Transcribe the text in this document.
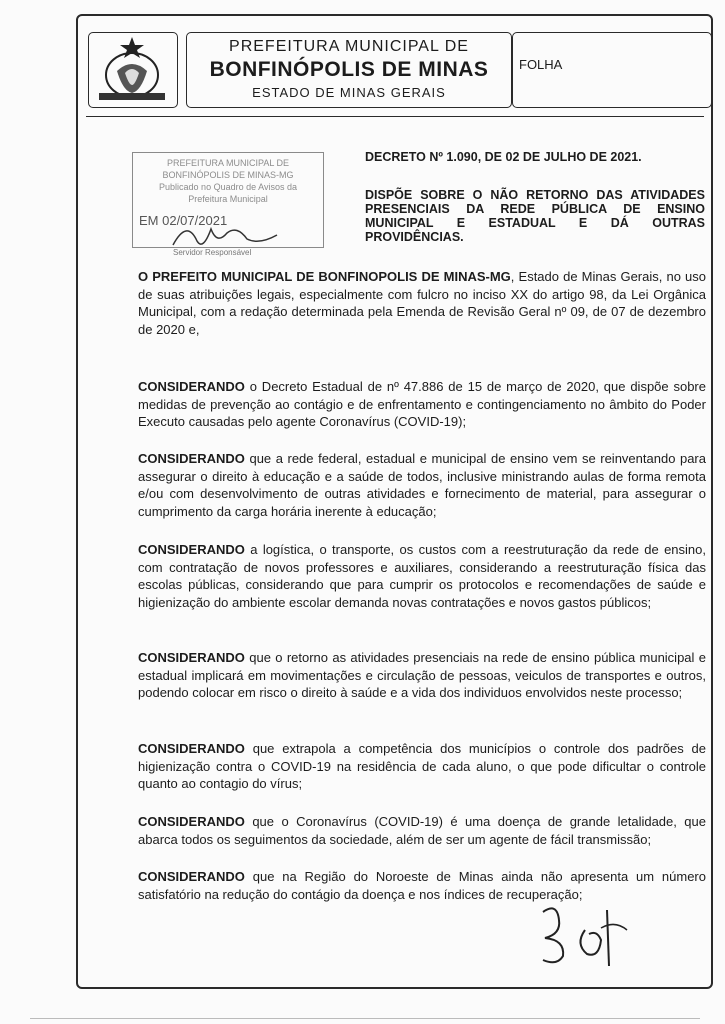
PREFEITURA MUNICIPAL DE
BONFINÓPOLIS DE MINAS
ESTADO DE MINAS GERAIS
FOLHA
PREFEITURA MUNICIPAL DE
BONFINÓPOLIS DE MINAS-MG
Publicado no Quadro de Avisos da
Prefeitura Municipal
EM 02/07/2021
Servidor Responsável
DECRETO Nº 1.090, DE 02 DE JULHO DE 2021.
DISPÕE SOBRE O NÃO RETORNO DAS ATIVIDADES PRESENCIAIS DA REDE PÚBLICA DE ENSINO MUNICIPAL E ESTADUAL E DÁ OUTRAS PROVIDÊNCIAS.

O PREFEITO MUNICIPAL DE BONFINOPOLIS DE MINAS-MG, Estado de Minas Gerais, no uso de suas atribuições legais, especialmente com fulcro no inciso XX do artigo 98, da Lei Orgânica Municipal, com a redação determinada pela Emenda de Revisão Geral nº 09, de 07 de dezembro de 2020 e,

CONSIDERANDO o Decreto Estadual de nº 47.886 de 15 de março de 2020, que dispõe sobre medidas de prevenção ao contágio e de enfrentamento e contingenciamento no âmbito do Poder Executo causadas pelo agente Coronavírus (COVID-19);

CONSIDERANDO que a rede federal, estadual e municipal de ensino vem se reinventando para assegurar o direito à educação e a saúde de todos, inclusive ministrando aulas de forma remota e/ou com desenvolvimento de outras atividades e fornecimento de material, para assegurar o cumprimento da carga horária inerente à educação;

CONSIDERANDO a logística, o transporte, os custos com a reestruturação da rede de ensino, com contratação de novos professores e auxiliares, considerando a reestruturação física das escolas públicas, considerando que para cumprir os protocolos e recomendações de saúde e higienização do ambiente escolar demanda novas contratações e novos gastos públicos;

CONSIDERANDO que o retorno as atividades presenciais na rede de ensino pública municipal e estadual implicará em movimentações e circulação de pessoas, veiculos de transportes e outros, podendo colocar em risco o direito à saúde e a vida dos individuos envolvidos neste processo;

CONSIDERANDO que extrapola a competência dos municípios o controle dos padrões de higienização contra o COVID-19 na residência de cada aluno, o que pode dificultar o controle quanto ao contagio do vírus;

CONSIDERANDO que o Coronavírus (COVID-19) é uma doença de grande letalidade, que abarca todos os seguimentos da sociedade, além de ser um agente de fácil transmissão;

CONSIDERANDO que na Região do Noroeste de Minas ainda não apresenta um número satisfatório na redução do contágio da doença e nos índices de recuperação;
